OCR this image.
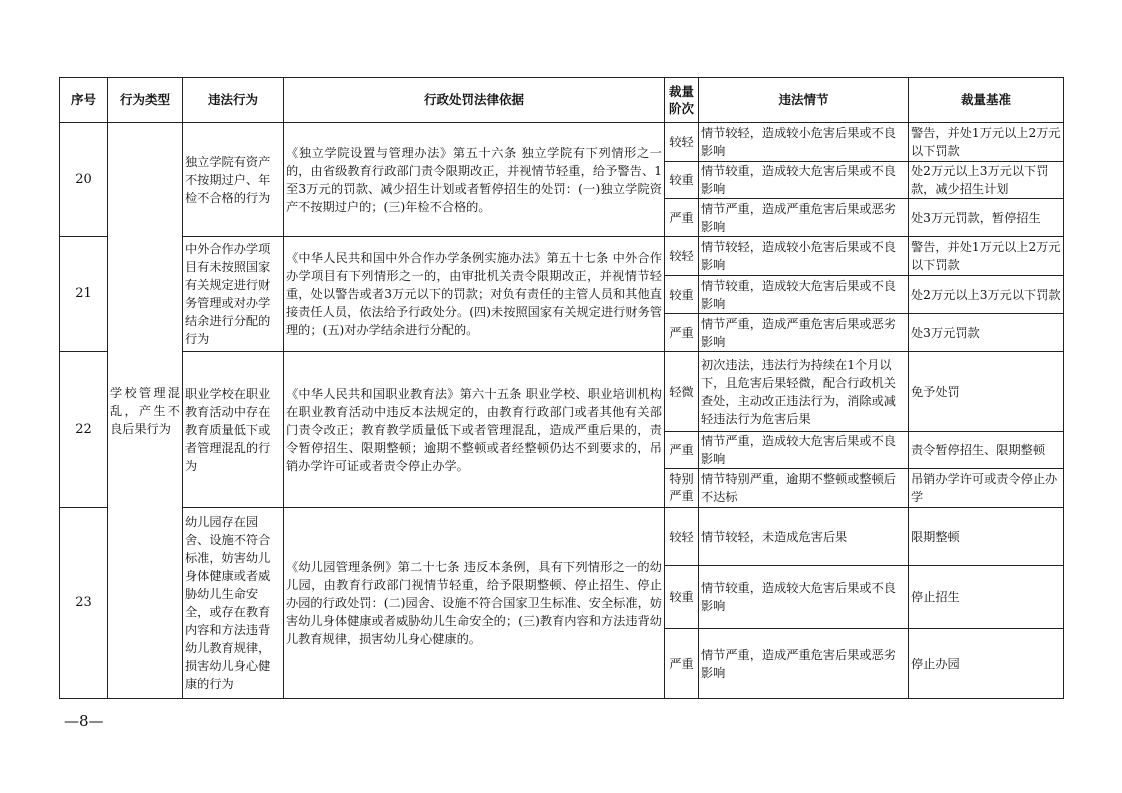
序号	行为类型	违法行为	行政处罚法律依据	裁量阶次	违法情节	裁量基准
20	学校管理混乱，产生不良后果行为	独立学院有资产不按期过户、年检不合格的行为	《独立学院设置与管理办法》第五十六条 独立学院有下列情形之一的，由省级教育行政部门责令限期改正，并视情节轻重，给予警告、1至3万元的罚款、减少招生计划或者暂停招生的处罚：(一)独立学院资产不按期过户的；(三)年检不合格的。	较轻	情节较轻，造成较小危害后果或不良影响	警告，并处1万元以上2万元以下罚款
				较重	情节较重，造成较大危害后果或不良影响	处2万元以上3万元以下罚款，减少招生计划
				严重	情节严重，造成严重危害后果或恶劣影响	处3万元罚款，暂停招生
21		中外合作办学项目有未按照国家有关规定进行财务管理或对办学结余进行分配的行为	《中华人民共和国中外合作办学条例实施办法》第五十七条 中外合作办学项目有下列情形之一的，由审批机关责令限期改正，并视情节轻重，处以警告或者3万元以下的罚款；对负有责任的主管人员和其他直接责任人员，依法给予行政处分。(四)未按照国家有关规定进行财务管理的；(五)对办学结余进行分配的。	较轻	情节较轻，造成较小危害后果或不良影响	警告，并处1万元以上2万元以下罚款
				较重	情节较重，造成较大危害后果或不良影响	处2万元以上3万元以下罚款
				严重	情节严重，造成严重危害后果或恶劣影响	处3万元罚款
22		职业学校在职业教育活动中存在教育质量低下或者管理混乱的行为	《中华人民共和国职业教育法》第六十五条 职业学校、职业培训机构在职业教育活动中违反本法规定的，由教育行政部门或者其他有关部门责令改正；教育教学质量低下或者管理混乱，造成严重后果的，责令暂停招生、限期整顿；逾期不整顿或者经整顿仍达不到要求的，吊销办学许可证或者责令停止办学。	轻微	初次违法，违法行为持续在1个月以下，且危害后果轻微，配合行政机关查处，主动改正违法行为，消除或减轻违法行为危害后果	免予处罚
				严重	情节严重，造成较大危害后果或不良影响	责令暂停招生、限期整顿
				特别严重	情节特别严重，逾期不整顿或整顿后不达标	吊销办学许可或责令停止办学
23		幼儿园存在园舍、设施不符合标准，妨害幼儿身体健康或者威胁幼儿生命安全，或存在教育内容和方法违背幼儿教育规律，损害幼儿身心健康的行为	《幼儿园管理条例》第二十七条 违反本条例，具有下列情形之一的幼儿园，由教育行政部门视情节轻重，给予限期整顿、停止招生、停止办园的行政处罚：(二)园舍、设施不符合国家卫生标准、安全标准，妨害幼儿身体健康或者威胁幼儿生命安全的；(三)教育内容和方法违背幼儿教育规律，损害幼儿身心健康的。	较轻	情节较轻，未造成危害后果	限期整顿
				较重	情节较重，造成较大危害后果或不良影响	停止招生
				严重	情节严重，造成严重危害后果或恶劣影响	停止办园
—8—
